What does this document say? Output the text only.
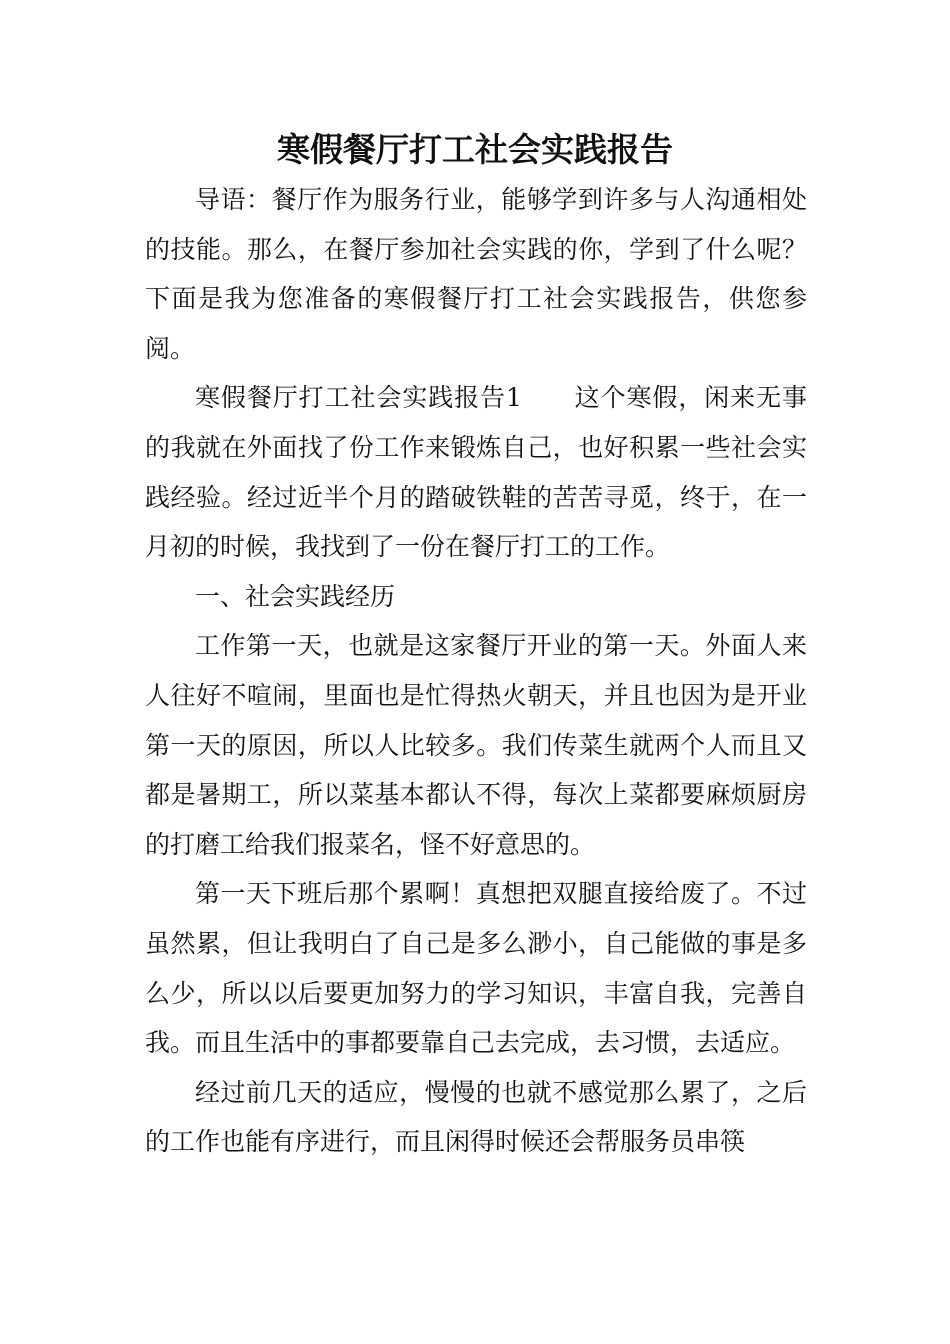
寒假餐厅打工社会实践报告

导语：餐厅作为服务行业，能够学到许多与人沟通相处的技能。那么，在餐厅参加社会实践的你，学到了什么呢？下面是我为您准备的寒假餐厅打工社会实践报告，供您参阅。

寒假餐厅打工社会实践报告1　　这个寒假，闲来无事的我就在外面找了份工作来锻炼自己，也好积累一些社会实践经验。经过近半个月的踏破铁鞋的苦苦寻觅，终于，在一月初的时候，我找到了一份在餐厅打工的工作。

一、社会实践经历

工作第一天，也就是这家餐厅开业的第一天。外面人来人往好不喧闹，里面也是忙得热火朝天，并且也因为是开业第一天的原因，所以人比较多。我们传菜生就两个人而且又都是暑期工，所以菜基本都认不得，每次上菜都要麻烦厨房的打磨工给我们报菜名，怪不好意思的。

第一天下班后那个累啊！真想把双腿直接给废了。不过虽然累，但让我明白了自己是多么渺小，自己能做的事是多么少，所以以后要更加努力的学习知识，丰富自我，完善自我。而且生活中的事都要靠自己去完成，去习惯，去适应。

经过前几天的适应，慢慢的也就不感觉那么累了，之后的工作也能有序进行，而且闲得时候还会帮服务员串筷
